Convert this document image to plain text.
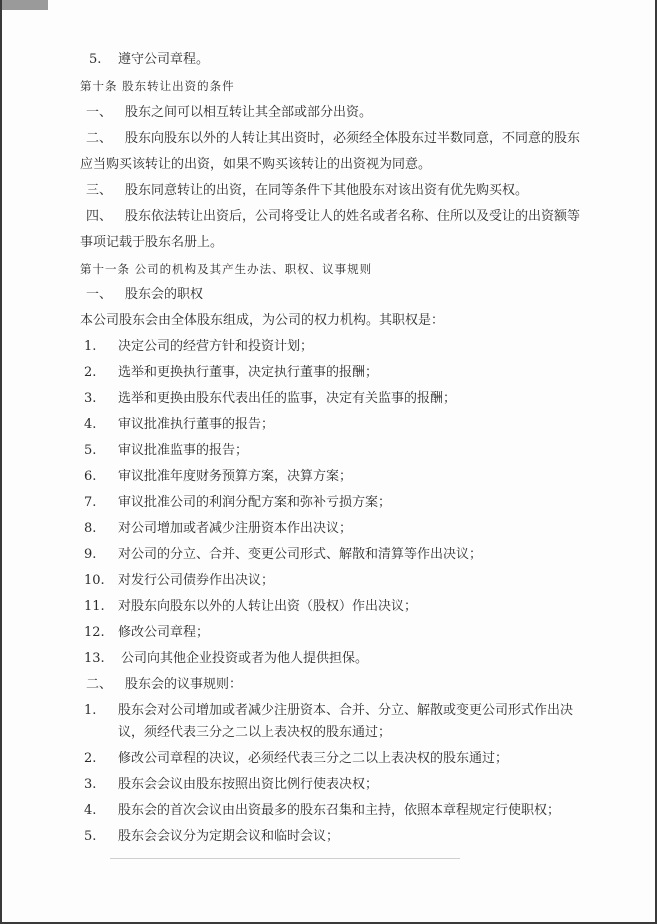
5. 遵守公司章程。
第十条 股东转让出资的条件
一、 股东之间可以相互转让其全部或部分出资。
二、 股东向股东以外的人转让其出资时，必须经全体股东过半数同意，不同意的股东
应当购买该转让的出资，如果不购买该转让的出资视为同意。
三、 股东同意转让的出资，在同等条件下其他股东对该出资有优先购买权。
四、 股东依法转让出资后，公司将受让人的姓名或者名称、住所以及受让的出资额等
事项记载于股东名册上。
第十一条 公司的机构及其产生办法、职权、议事规则
一、 股东会的职权
本公司股东会由全体股东组成，为公司的权力机构。其职权是：
1. 决定公司的经营方针和投资计划；
2. 选举和更换执行董事，决定执行董事的报酬；
3. 选举和更换由股东代表出任的监事，决定有关监事的报酬；
4. 审议批准执行董事的报告；
5. 审议批准监事的报告；
6. 审议批准年度财务预算方案，决算方案；
7. 审议批准公司的利润分配方案和弥补亏损方案；
8. 对公司增加或者减少注册资本作出决议；
9. 对公司的分立、合并、变更公司形式、解散和清算等作出决议；
10. 对发行公司债券作出决议；
11. 对股东向股东以外的人转让出资（股权）作出决议；
12. 修改公司章程；
13. 公司向其他企业投资或者为他人提供担保。
二、 股东会的议事规则：
1. 股东会对公司增加或者减少注册资本、合并、分立、解散或变更公司形式作出决
议，须经代表三分之二以上表决权的股东通过；
2. 修改公司章程的决议，必须经代表三分之二以上表决权的股东通过；
3. 股东会会议由股东按照出资比例行使表决权；
4. 股东会的首次会议由出资最多的股东召集和主持，依照本章程规定行使职权；
5. 股东会会议分为定期会议和临时会议；
